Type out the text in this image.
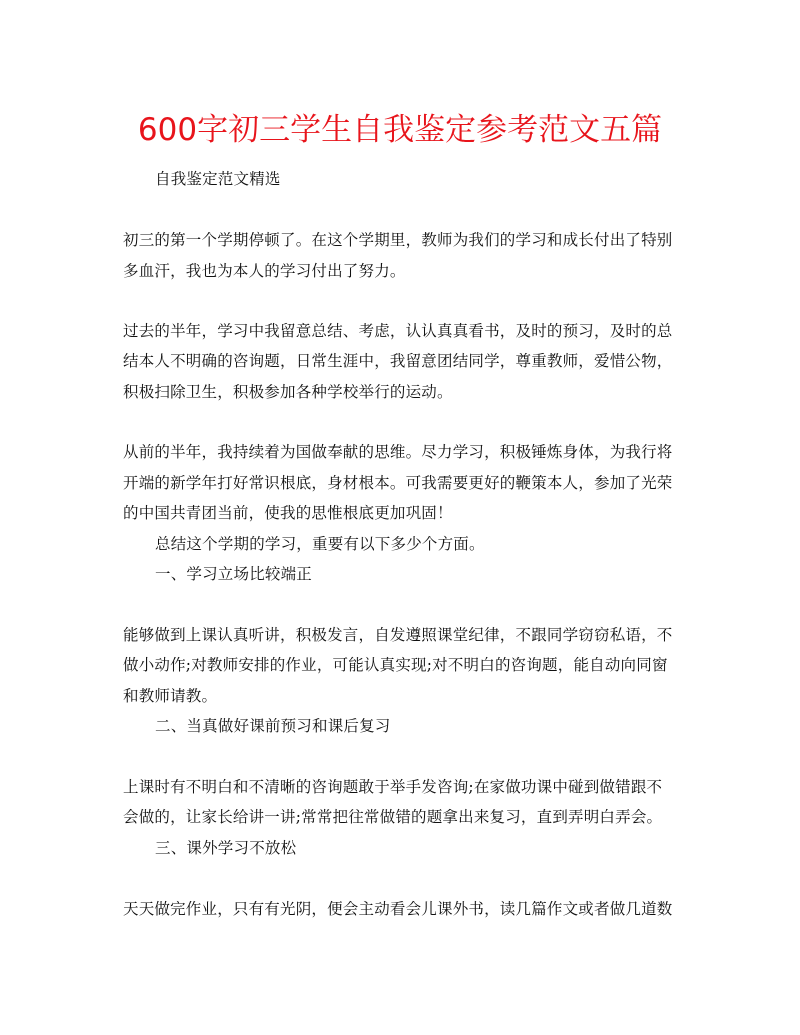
600字初三学生自我鉴定参考范文五篇
自我鉴定范文精选
初三的第一个学期停顿了。在这个学期里，教师为我们的学习和成长付出了特别
多血汗，我也为本人的学习付出了努力。
过去的半年，学习中我留意总结、考虑，认认真真看书，及时的预习，及时的总
结本人不明确的咨询题，日常生涯中，我留意团结同学，尊重教师，爱惜公物，
积极扫除卫生，积极参加各种学校举行的运动。
从前的半年，我持续着为国做奉献的思维。尽力学习，积极锤炼身体，为我行将
开端的新学年打好常识根底，身材根本。可我需要更好的鞭策本人，参加了光荣
的中国共青团当前，使我的思惟根底更加巩固！
总结这个学期的学习，重要有以下多少个方面。
一、学习立场比较端正
能够做到上课认真听讲，积极发言，自发遵照课堂纪律，不跟同学窃窃私语，不
做小动作;对教师安排的作业，可能认真实现;对不明白的咨询题，能自动向同窗
和教师请教。
二、当真做好课前预习和课后复习
上课时有不明白和不清晰的咨询题敢于举手发咨询;在家做功课中碰到做错跟不
会做的，让家长给讲一讲;常常把往常做错的题拿出来复习，直到弄明白弄会。
三、课外学习不放松
天天做完作业，只有有光阴，便会主动看会儿课外书，读几篇作文或者做几道数
